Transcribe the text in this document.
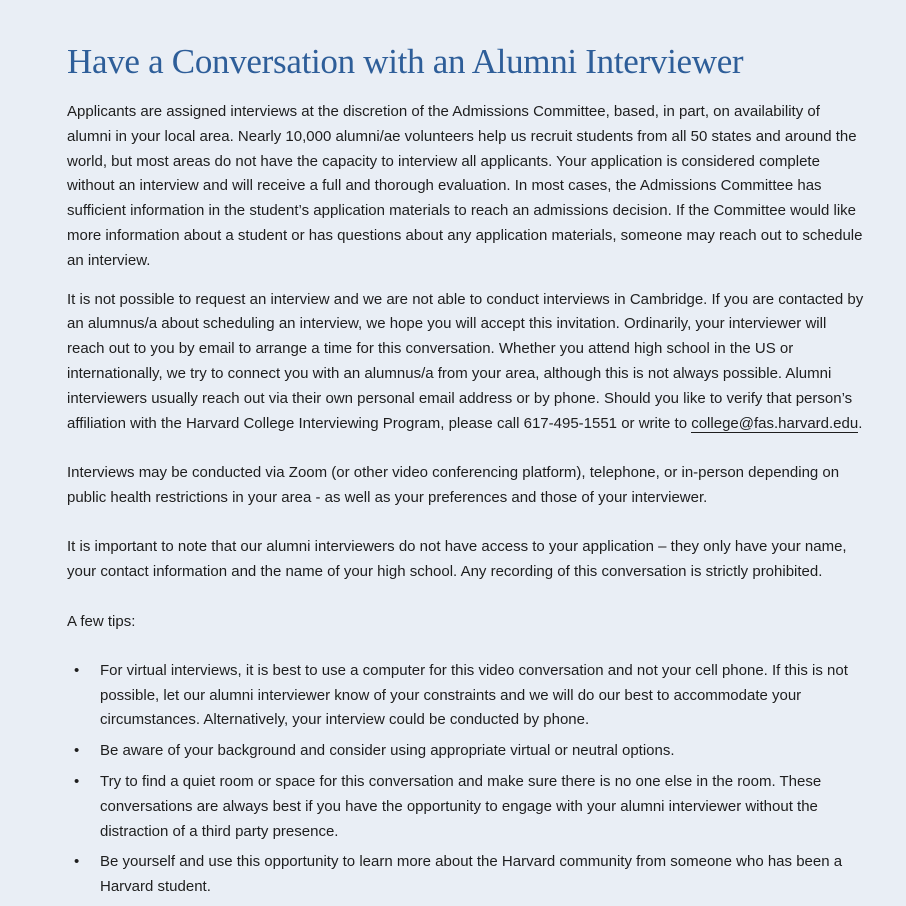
Have a Conversation with an Alumni Interviewer

Applicants are assigned interviews at the discretion of the Admissions Committee, based, in part, on availability of alumni in your local area. Nearly 10,000 alumni/ae volunteers help us recruit students from all 50 states and around the world, but most areas do not have the capacity to interview all applicants. Your application is considered complete without an interview and will receive a full and thorough evaluation. In most cases, the Admissions Committee has sufficient information in the student’s application materials to reach an admissions decision. If the Committee would like more information about a student or has questions about any application materials, someone may reach out to schedule an interview.

It is not possible to request an interview and we are not able to conduct interviews in Cambridge. If you are contacted by an alumnus/a about scheduling an interview, we hope you will accept this invitation. Ordinarily, your interviewer will reach out to you by email to arrange a time for this conversation. Whether you attend high school in the US or internationally, we try to connect you with an alumnus/a from your area, although this is not always possible. Alumni interviewers usually reach out via their own personal email address or by phone. Should you like to verify that person’s affiliation with the Harvard College Interviewing Program, please call 617-495-1551 or write to college@fas.harvard.edu.

Interviews may be conducted via Zoom (or other video conferencing platform), telephone, or in-person depending on public health restrictions in your area - as well as your preferences and those of your interviewer.

It is important to note that our alumni interviewers do not have access to your application – they only have your name, your contact information and the name of your high school. Any recording of this conversation is strictly prohibited.

A few tips:

• For virtual interviews, it is best to use a computer for this video conversation and not your cell phone. If this is not possible, let our alumni interviewer know of your constraints and we will do our best to accommodate your circumstances. Alternatively, your interview could be conducted by phone.
• Be aware of your background and consider using appropriate virtual or neutral options.
• Try to find a quiet room or space for this conversation and make sure there is no one else in the room. These conversations are always best if you have the opportunity to engage with your alumni interviewer without the distraction of a third party presence.
• Be yourself and use this opportunity to learn more about the Harvard community from someone who has been a Harvard student.
